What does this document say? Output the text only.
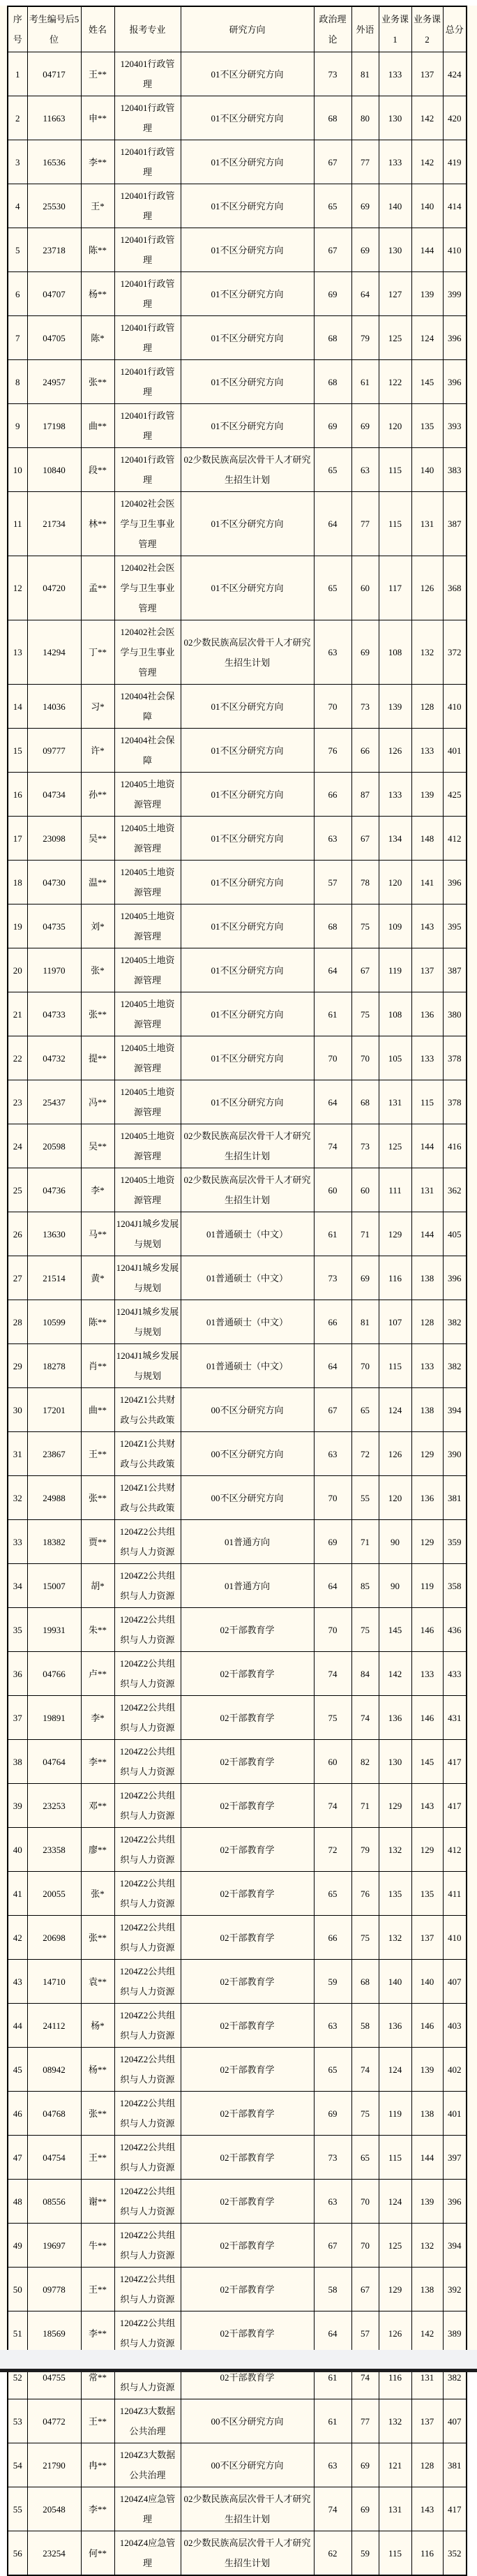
序号	考生编号后5位	姓名	报考专业	研究方向	政治理论	外语	业务课1	业务课2	总分
1	04717	王**	120401行政管理	01不区分研究方向	73	81	133	137	424
2	11663	申**	120401行政管理	01不区分研究方向	68	80	130	142	420
3	16536	李**	120401行政管理	01不区分研究方向	67	77	133	142	419
4	25530	王*	120401行政管理	01不区分研究方向	65	69	140	140	414
5	23718	陈**	120401行政管理	01不区分研究方向	67	69	130	144	410
6	04707	杨**	120401行政管理	01不区分研究方向	69	64	127	139	399
7	04705	陈*	120401行政管理	01不区分研究方向	68	79	125	124	396
8	24957	张**	120401行政管理	01不区分研究方向	68	61	122	145	396
9	17198	曲**	120401行政管理	01不区分研究方向	69	69	120	135	393
10	10840	段**	120401行政管理	02少数民族高层次骨干人才研究生招生计划	65	63	115	140	383
11	21734	林**	120402社会医学与卫生事业管理	01不区分研究方向	64	77	115	131	387
12	04720	孟**	120402社会医学与卫生事业管理	01不区分研究方向	65	60	117	126	368
13	14294	丁**	120402社会医学与卫生事业管理	02少数民族高层次骨干人才研究生招生计划	63	69	108	132	372
14	14036	习*	120404社会保障	01不区分研究方向	70	73	139	128	410
15	09777	许*	120404社会保障	01不区分研究方向	76	66	126	133	401
16	04734	孙**	120405土地资源管理	01不区分研究方向	66	87	133	139	425
17	23098	吴**	120405土地资源管理	01不区分研究方向	63	67	134	148	412
18	04730	温**	120405土地资源管理	01不区分研究方向	57	78	120	141	396
19	04735	刘*	120405土地资源管理	01不区分研究方向	68	75	109	143	395
20	11970	张*	120405土地资源管理	01不区分研究方向	64	67	119	137	387
21	04733	张**	120405土地资源管理	01不区分研究方向	61	75	108	136	380
22	04732	提**	120405土地资源管理	01不区分研究方向	70	70	105	133	378
23	25437	冯**	120405土地资源管理	01不区分研究方向	64	68	131	115	378
24	20598	吴**	120405土地资源管理	02少数民族高层次骨干人才研究生招生计划	74	73	125	144	416
25	04736	李*	120405土地资源管理	02少数民族高层次骨干人才研究生招生计划	60	60	111	131	362
26	13630	马**	1204J1城乡发展与规划	01普通硕士（中文）	61	71	129	144	405
27	21514	黄*	1204J1城乡发展与规划	01普通硕士（中文）	73	69	116	138	396
28	10599	陈**	1204J1城乡发展与规划	01普通硕士（中文）	66	81	107	128	382
29	18278	肖**	1204J1城乡发展与规划	01普通硕士（中文）	64	70	115	133	382
30	17201	曲**	1204Z1公共财政与公共政策	00不区分研究方向	67	65	124	138	394
31	23867	王**	1204Z1公共财政与公共政策	00不区分研究方向	63	72	126	129	390
32	24988	张**	1204Z1公共财政与公共政策	00不区分研究方向	70	55	120	136	381
33	18382	贾**	1204Z2公共组织与人力资源	01普通方向	69	71	90	129	359
34	15007	胡*	1204Z2公共组织与人力资源	01普通方向	64	85	90	119	358
35	19931	朱**	1204Z2公共组织与人力资源	02干部教育学	70	75	145	146	436
36	04766	卢**	1204Z2公共组织与人力资源	02干部教育学	74	84	142	133	433
37	19891	李*	1204Z2公共组织与人力资源	02干部教育学	75	74	136	146	431
38	04764	李**	1204Z2公共组织与人力资源	02干部教育学	60	82	130	145	417
39	23253	邓**	1204Z2公共组织与人力资源	02干部教育学	74	71	129	143	417
40	23358	廖**	1204Z2公共组织与人力资源	02干部教育学	72	79	132	129	412
41	20055	张*	1204Z2公共组织与人力资源	02干部教育学	65	76	135	135	411
42	20698	张**	1204Z2公共组织与人力资源	02干部教育学	66	75	132	137	410
43	14710	袁**	1204Z2公共组织与人力资源	02干部教育学	59	68	140	140	407
44	24112	杨*	1204Z2公共组织与人力资源	02干部教育学	63	58	136	146	403
45	08942	杨**	1204Z2公共组织与人力资源	02干部教育学	65	74	124	139	402
46	04768	张**	1204Z2公共组织与人力资源	02干部教育学	69	75	119	138	401
47	04754	王**	1204Z2公共组织与人力资源	02干部教育学	73	65	115	144	397
48	08556	谢**	1204Z2公共组织与人力资源	02干部教育学	63	70	124	139	396
49	19697	牛**	1204Z2公共组织与人力资源	02干部教育学	67	70	125	132	394
50	09778	王**	1204Z2公共组织与人力资源	02干部教育学	58	67	129	138	392
51	18569	李**	1204Z2公共组织与人力资源	02干部教育学	64	57	126	142	389
52	04755	常**	织与人力资源	02干部教育学	61	74	116	131	382
53	04772	王**	1204Z3大数据公共治理	00不区分研究方向	61	77	132	137	407
54	21790	冉**	1204Z3大数据公共治理	00不区分研究方向	63	69	121	128	381
55	20548	李**	1204Z4应急管理	02少数民族高层次骨干人才研究生招生计划	74	69	131	143	417
56	23254	何**	1204Z4应急管理	02少数民族高层次骨干人才研究生招生计划	62	59	115	116	352
